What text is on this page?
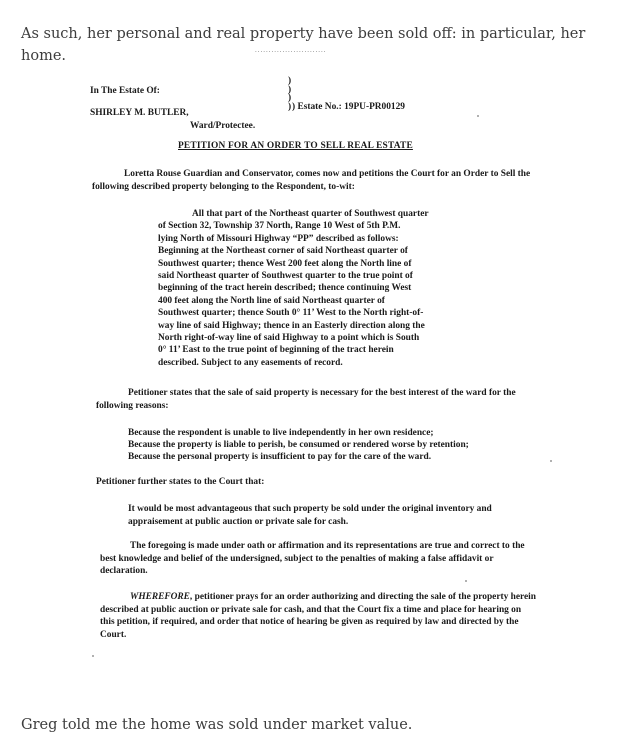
As such, her personal and real property have been sold off: in particular, her home.	..........................
In The Estate Of:
SHIRLEY M. BUTLER,
Ward/Protectee.
)
)
)
) ) Estate No.: 19PU-PR00129
PETITION FOR AN ORDER TO SELL REAL ESTATE

Loretta Rouse Guardian and Conservator, comes now and petitions the Court for an Order to Sell the following described property belonging to the Respondent, to-wit:

All that part of the Northeast quarter of Southwest quarter
of Section 32, Township 37 North, Range 10 West of 5th P.M.
lying North of Missouri Highway “PP” described as follows:
Beginning at the Northeast corner of said Northeast quarter of
Southwest quarter; thence West 200 feet along the North line of
said Northeast quarter of Southwest quarter to the true point of
beginning of the tract herein described; thence continuing West
400 feet along the North line of said Northeast quarter of
Southwest quarter; thence South 0° 11’ West to the North right-of-
way line of said Highway; thence in an Easterly direction along the
North right-of-way line of said Highway to a point which is South
0° 11’ East to the true point of beginning of the tract herein
described. Subject to any easements of record.

Petitioner states that the sale of said property is necessary for the best interest of the ward for the following reasons:

Because the respondent is unable to live independently in her own residence;
Because the property is liable to perish, be consumed or rendered worse by retention;
Because the personal property is insufficient to pay for the care of the ward.

Petitioner further states to the Court that:

It would be most advantageous that such property be sold under the original inventory and appraisement at public auction or private sale for cash.

The foregoing is made under oath or affirmation and its representations are true and correct to the best knowledge and belief of the undersigned, subject to the penalties of making a false affidavit or declaration.

WHEREFORE, petitioner prays for an order authorizing and directing the sale of the property herein described at public auction or private sale for cash, and that the Court fix a time and place for hearing on this petition, if required, and order that notice of hearing be given as required by law and directed by the Court.

Greg told me the home was sold under market value.
